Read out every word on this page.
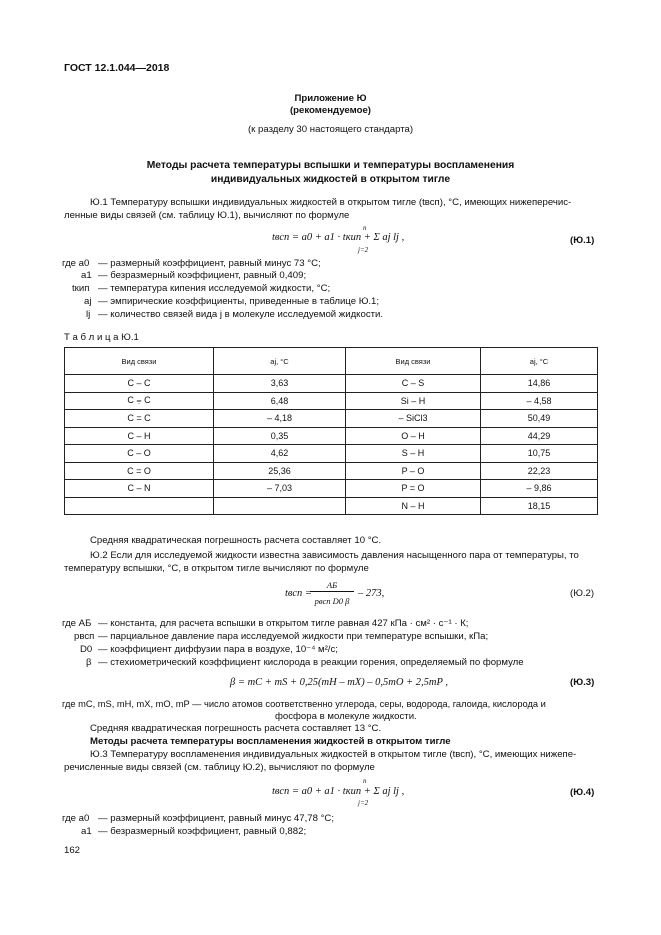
ГОСТ 12.1.044—2018
Приложение Ю
(рекомендуемое)
(к разделу 30 настоящего стандарта)
Методы расчета температуры вспышки и температуры воспламенения
индивидуальных жидкостей в открытом тигле
Ю.1 Температуру вспышки индивидуальных жидкостей в открытом тигле (tвсп), °С, имеющих нижеперечис-
ленные виды связей (см. таблицу Ю.1), вычисляют по формуле
tвсп = a0 + a1 · tкип + Σ aj lj ,
n
j=2
(Ю.1)
где a0 — размерный коэффициент, равный минус 73 °С;
a1 — безразмерный коэффициент, равный 0,409;
tкип — температура кипения исследуемой жидкости, °С;
aj — эмпирические коэффициенты, приведенные в таблице Ю.1;
lj — количество связей вида j в молекуле исследуемой жидкости.
Т а б л и ц а Ю.1
Вид связи	aj, °С	Вид связи	aj, °С
С – С	3,63	С – S	14,86
С ⩦ С	6,48	Si – H	– 4,58
С = С	– 4,18	– SiCl3	50,49
С – Н	0,35	O – H	44,29
С – О	4,62	S – H	10,75
С = О	25,36	P – O	22,23
С – N	– 7,03	P = O	– 9,86
		N – H	18,15
Средняя квадратическая погрешность расчета составляет 10 °С.
Ю.2 Если для исследуемой жидкости известна зависимость давления насыщенного пара от температуры, то
температуру вспышки, °С, в открытом тигле вычисляют по формуле
tвсп =
AБ
pвсп D0 β
– 273,	(Ю.2)
где AБ — константа, для расчета вспышки в открытом тигле равная 427 кПа · см² · с⁻¹ · К;
pвсп — парциальное давление пара исследуемой жидкости при температуре вспышки, кПа;
D0 — коэффициент диффузии пара в воздухе, 10⁻⁴ м²/с;
β — стехиометрический коэффициент кислорода в реакции горения, определяемый по формуле
β = mC + mS + 0,25(mH – mX) – 0,5mO + 2,5mP ,	(Ю.3)
где mC, mS, mH, mX, mO, mP — число атомов соответственно углерода, серы, водорода, галоида, кислорода и
фосфора в молекуле жидкости.
Средняя квадратическая погрешность расчета составляет 13 °С.
Методы расчета температуры воспламенения жидкостей в открытом тигле
Ю.3 Температуру воспламенения индивидуальных жидкостей в открытом тигле (tвсп), °С, имеющих нижепе-
речисленные виды связей (см. таблицу Ю.2), вычисляют по формуле
tвсп = a0 + a1 · tкип + Σ aj lj ,
n
j=2
(Ю.4)
где a0 — размерный коэффициент, равный минус 47,78 °С;
a1 — безразмерный коэффициент, равный 0,882;
162
